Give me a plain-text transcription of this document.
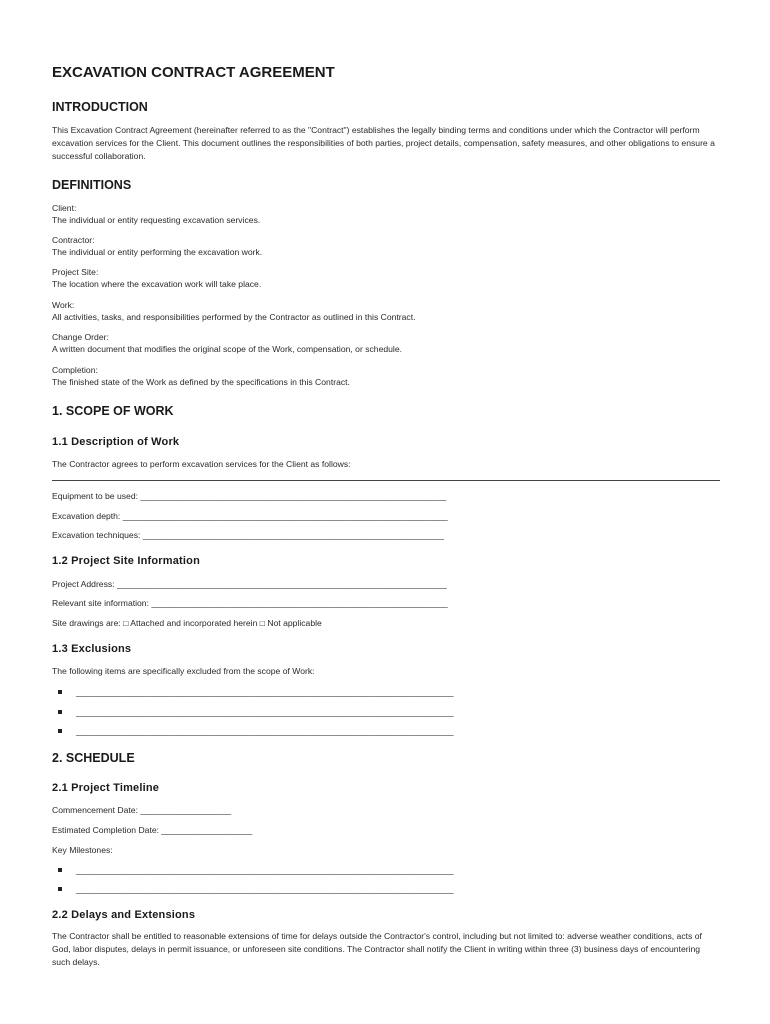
EXCAVATION CONTRACT AGREEMENT
INTRODUCTION
This Excavation Contract Agreement (hereinafter referred to as the "Contract") establishes the legally binding terms and conditions under which the Contractor will perform excavation services for the Client. This document outlines the responsibilities of both parties, project details, compensation, safety measures, and other obligations to ensure a successful collaboration.
DEFINITIONS
Client:
The individual or entity requesting excavation services.
Contractor:
The individual or entity performing the excavation work.
Project Site:
The location where the excavation work will take place.
Work:
All activities, tasks, and responsibilities performed by the Contractor as outlined in this Contract.
Change Order:
A written document that modifies the original scope of the Work, compensation, or schedule.
Completion:
The finished state of the Work as defined by the specifications in this Contract.
1. SCOPE OF WORK
1.1 Description of Work
The Contractor agrees to perform excavation services for the Client as follows:
Equipment to be used: ________________________________________________________________
Excavation depth: ____________________________________________________________________
Excavation techniques: _______________________________________________________________
1.2 Project Site Information
Project Address: _____________________________________________________________________
Relevant site information: ______________________________________________________________
Site drawings are: □ Attached and incorporated herein □ Not applicable
1.3 Exclusions
The following items are specifically excluded from the scope of Work:
_______________________________________________________________________________
_______________________________________________________________________________
_______________________________________________________________________________
2. SCHEDULE
2.1 Project Timeline
Commencement Date: ___________________
Estimated Completion Date: ___________________
Key Milestones:
_______________________________________________________________________________
_______________________________________________________________________________
2.2 Delays and Extensions
The Contractor shall be entitled to reasonable extensions of time for delays outside the Contractor's control, including but not limited to: adverse weather conditions, acts of God, labor disputes, delays in permit issuance, or unforeseen site conditions. The Contractor shall notify the Client in writing within three (3) business days of encountering such delays.
